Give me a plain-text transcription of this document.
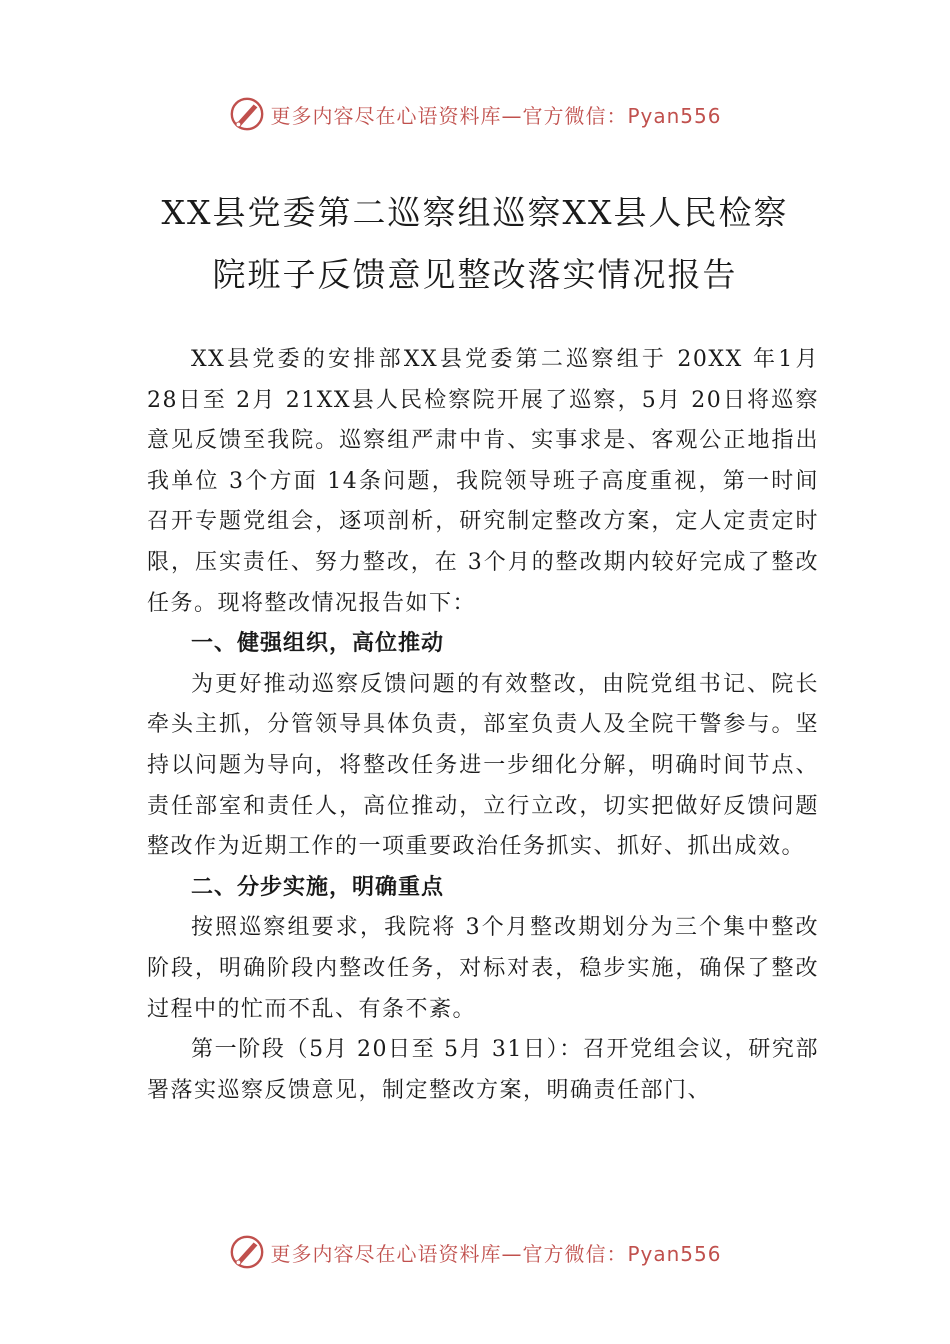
更多内容尽在心语资料库—官方微信：Pyan556
XX县党委第二巡察组巡察XX县人民检察
院班子反馈意见整改落实情况报告

XX县党委的安排部XX县党委第二巡察组于 20XX 年1月 28日至 2月 21XX县人民检察院开展了巡察，5月 20日将巡察意见反馈至我院。巡察组严肃中肯、实事求是、客观公正地指出我单位 3个方面 14条问题，我院领导班子高度重视，第一时间召开专题党组会，逐项剖析，研究制定整改方案，定人定责定时限，压实责任、努力整改，在 3个月的整改期内较好完成了整改任务。现将整改情况报告如下：

一、健强组织，高位推动

为更好推动巡察反馈问题的有效整改，由院党组书记、院长牵头主抓，分管领导具体负责，部室负责人及全院干警参与。坚持以问题为导向，将整改任务进一步细化分解，明确时间节点、责任部室和责任人，高位推动，立行立改，切实把做好反馈问题整改作为近期工作的一项重要政治任务抓实、抓好、抓出成效。

二、分步实施，明确重点

按照巡察组要求，我院将 3个月整改期划分为三个集中整改阶段，明确阶段内整改任务，对标对表，稳步实施，确保了整改过程中的忙而不乱、有条不紊。

第一阶段（5月 20日至 5月 31日）：召开党组会议，研究部署落实巡察反馈意见，制定整改方案，明确责任部门、

更多内容尽在心语资料库—官方微信：Pyan556
